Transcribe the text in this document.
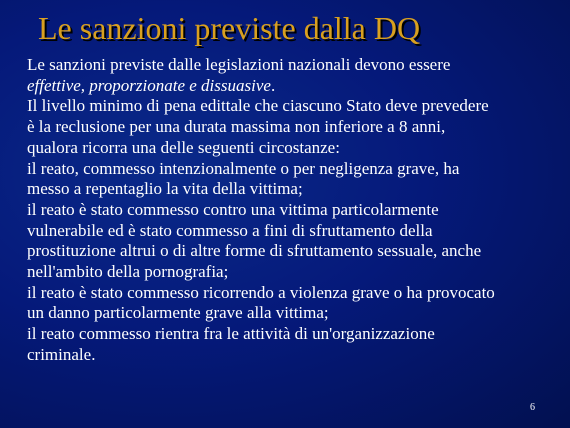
Le sanzioni previste dalla DQ

Le sanzioni previste dalle legislazioni nazionali devono essere
effettive, proporzionate e dissuasive.

Il livello minimo di pena edittale che ciascuno Stato deve prevedere
è la reclusione per una durata massima non inferiore a 8 anni,
qualora ricorra una delle seguenti circostanze:

il reato, commesso intenzionalmente o per negligenza grave, ha
messo a repentaglio la vita della vittima;

il reato è stato commesso contro una vittima particolarmente
vulnerabile ed è stato commesso a fini di sfruttamento della
prostituzione altrui o di altre forme di sfruttamento sessuale, anche
nell'ambito della pornografia;

il reato è stato commesso ricorrendo a violenza grave o ha provocato
un danno particolarmente grave alla vittima;

il reato commesso rientra fra le attività di un'organizzazione
criminale.

6
